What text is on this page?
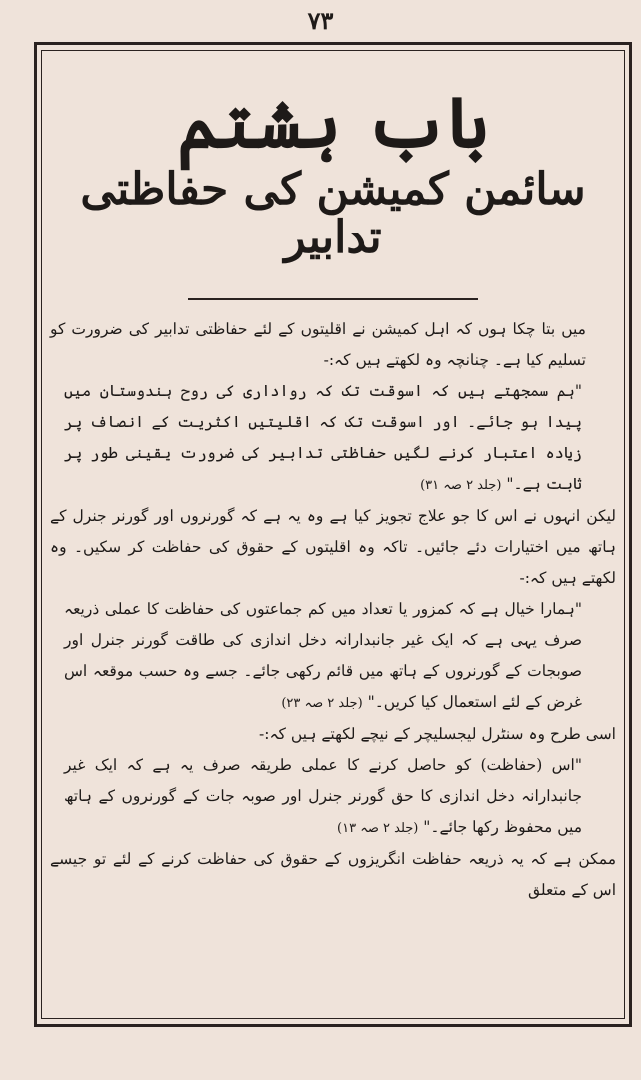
۷۳
باب ہشتم
سائمن کمیشن کی حفاظتی تدابیر

میں بتا چکا ہوں کہ اہل کمیشن نے اقلیتوں کے لئے حفاظتی تدابیر کی ضرورت کو تسلیم کیا ہے۔ چنانچہ وہ لکھتے ہیں کہ:-

"ہم سمجھتے ہیں کہ اسوقت تک کہ رواداری کی روح ہندوستان میں پیدا ہو جائے۔ اور اسوقت تک کہ اقلیتیں اکثریت کے انصاف پر زیادہ اعتبار کرنے لگیں حفاظتی تدابیر کی ضرورت یقینی طور پر ثابت ہے۔" (جلد ۲ صہ ۳۱)

لیکن انہوں نے اس کا جو علاج تجویز کیا ہے وہ یہ ہے کہ گورنروں اور گورنر جنرل کے ہاتھ میں اختیارات دئے جائیں۔ تاکہ وہ اقلیتوں کے حقوق کی حفاظت کر سکیں۔ وہ لکھتے ہیں کہ:-

"ہمارا خیال ہے کہ کمزور یا تعداد میں کم جماعتوں کی حفاظت کا عملی ذریعہ صرف یہی ہے کہ ایک غیر جانبدارانہ دخل اندازی کی طاقت گورنر جنرل اور صوبجات کے گورنروں کے ہاتھ میں قائم رکھی جائے۔ جسے وہ حسب موقعہ اس غرض کے لئے استعمال کیا کریں۔" (جلد ۲ صہ ۲۳)

اسی طرح وہ سنٹرل لیجسلیچر کے نیچے لکھتے ہیں کہ:-

"اس (حفاظت) کو حاصل کرنے کا عملی طریقہ صرف یہ ہے کہ ایک غیر جانبدارانہ دخل اندازی کا حق گورنر جنرل اور صوبہ جات کے گورنروں کے ہاتھ میں محفوظ رکھا جائے۔" (جلد ۲ صہ ۱۳)

ممکن ہے کہ یہ ذریعہ حفاظت انگریزوں کے حقوق کی حفاظت کرنے کے لئے تو جیسے اس کے متعلق
